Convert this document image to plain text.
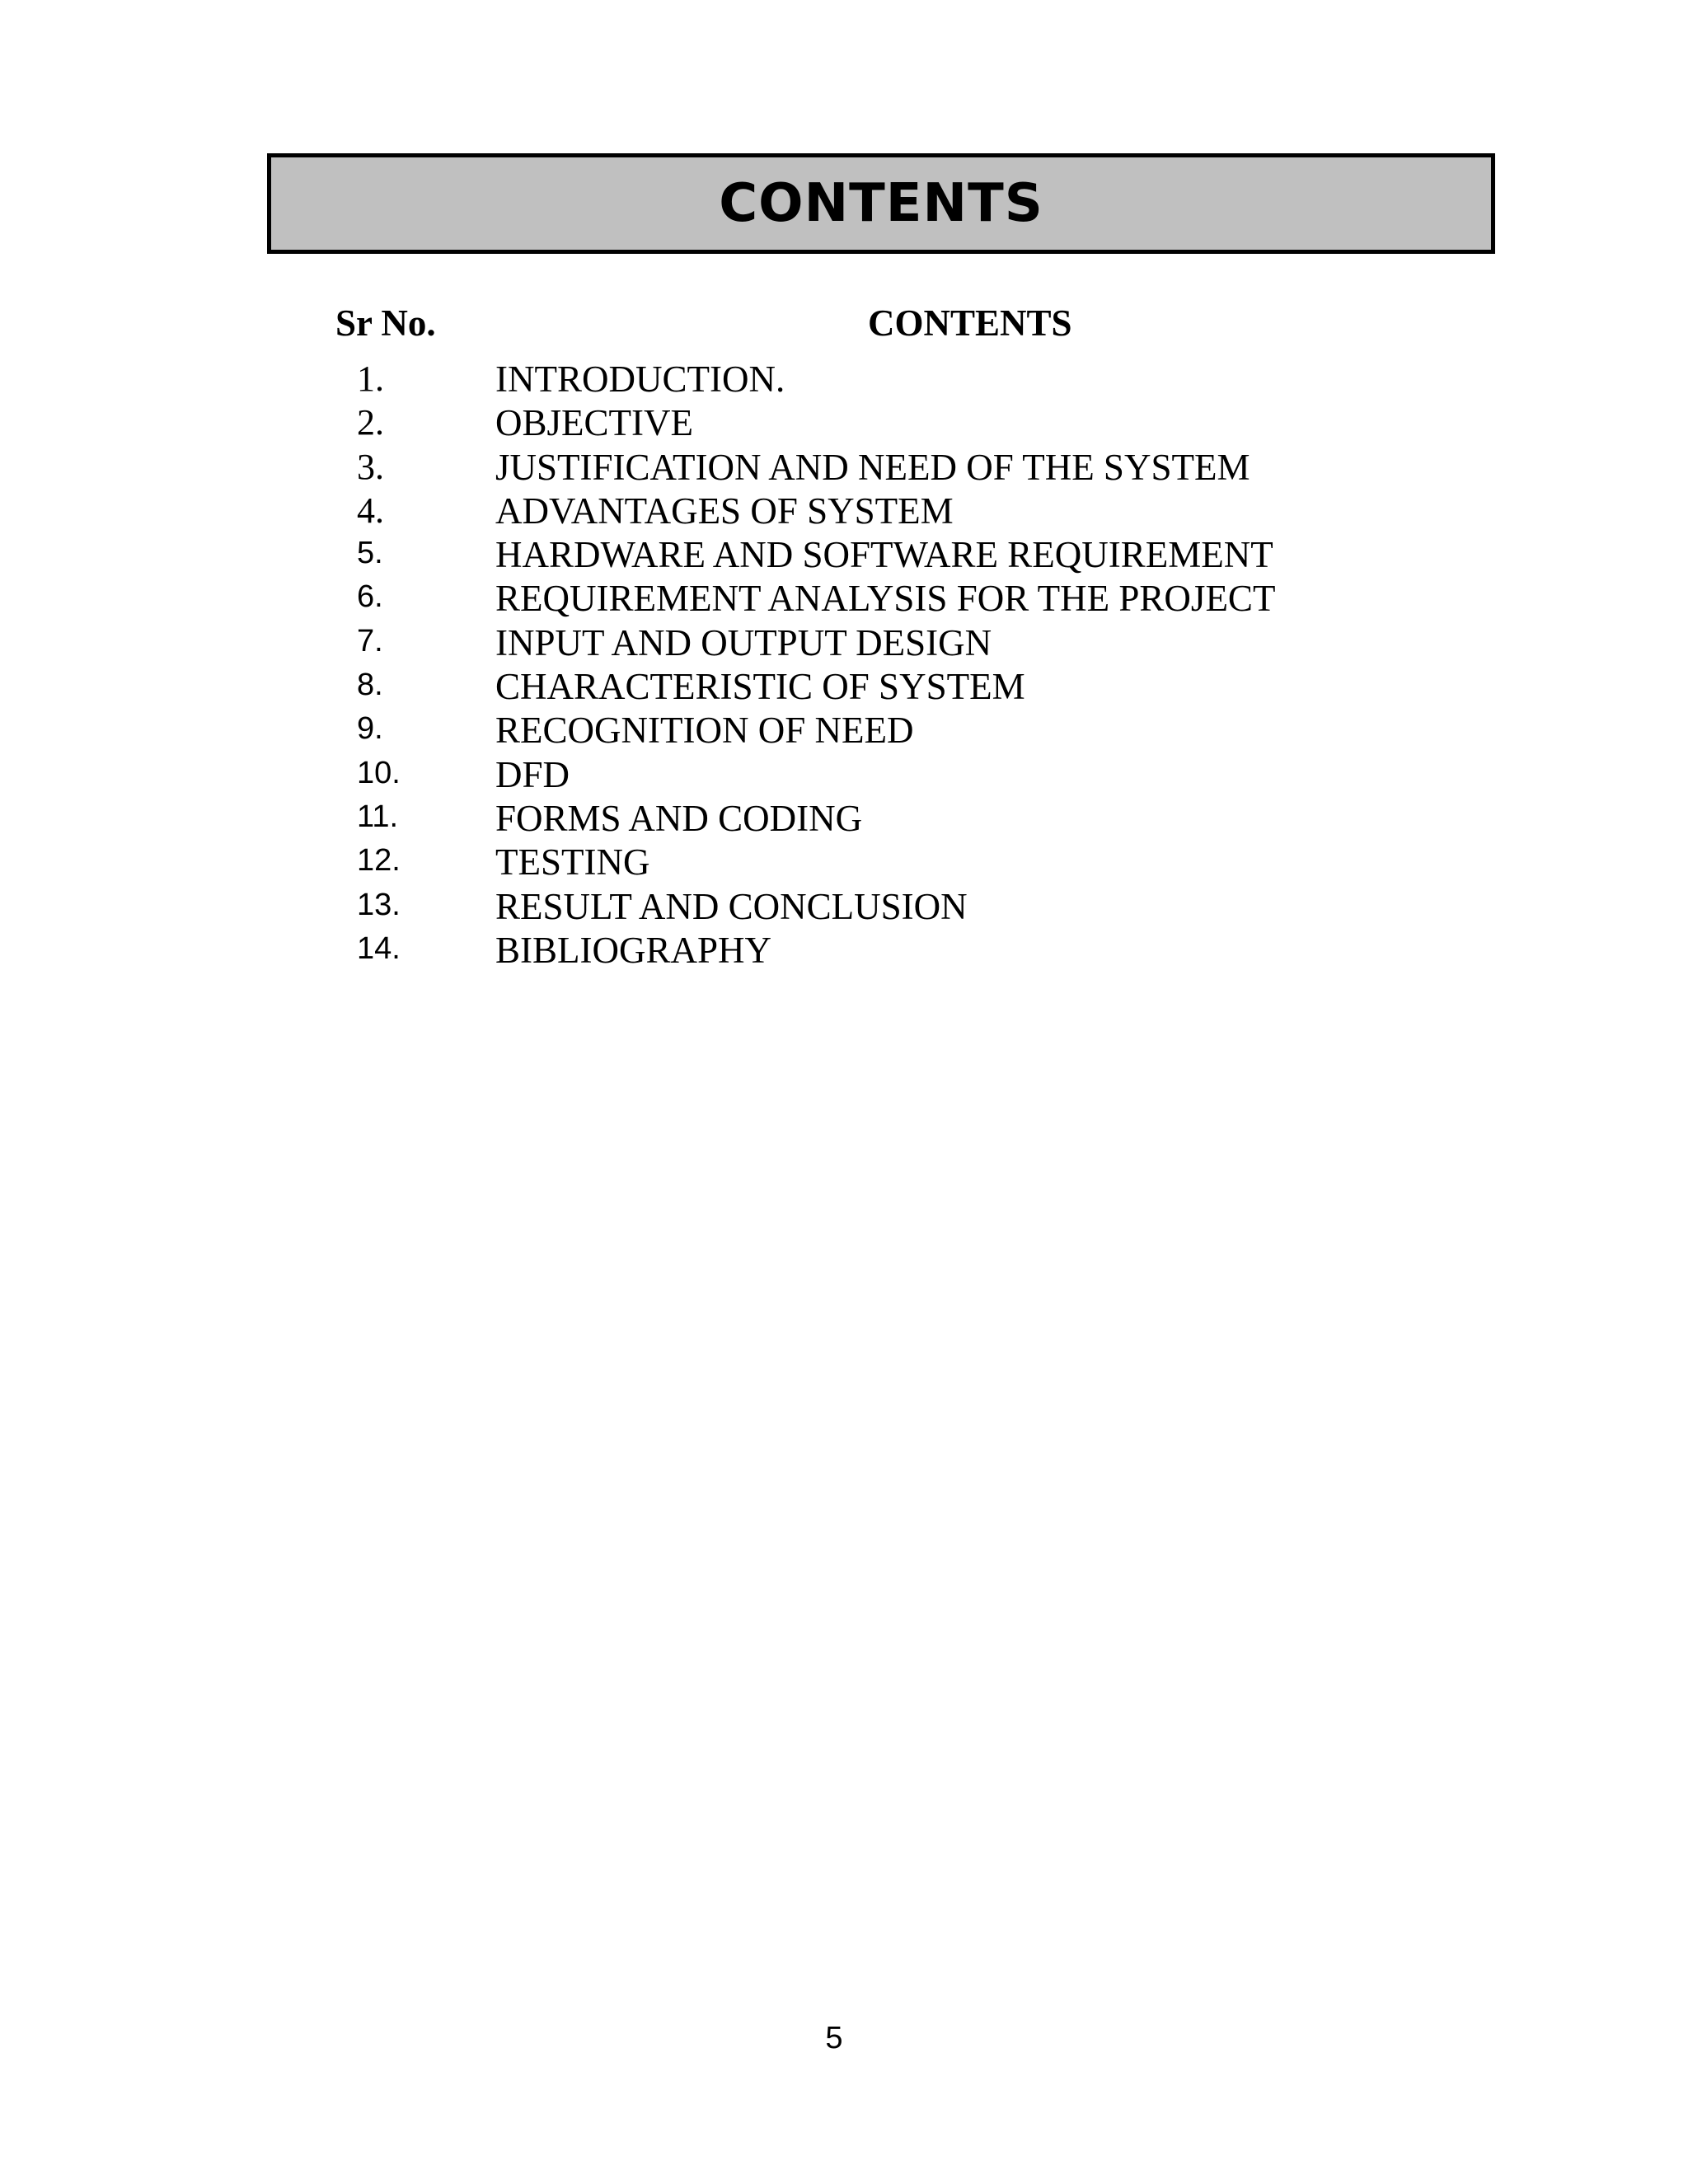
CONTENTS
Sr No.	CONTENTS
1.	INTRODUCTION.
2.	OBJECTIVE
3.	JUSTIFICATION AND NEED OF THE SYSTEM
4.	ADVANTAGES OF SYSTEM
5.	HARDWARE AND SOFTWARE REQUIREMENT
6.	REQUIREMENT ANALYSIS FOR THE PROJECT
7.	INPUT AND OUTPUT DESIGN
8.	CHARACTERISTIC OF SYSTEM
9.	RECOGNITION OF NEED
10.	DFD
11.	FORMS AND CODING
12.	TESTING
13.	RESULT AND CONCLUSION
14.	BIBLIOGRAPHY
5
